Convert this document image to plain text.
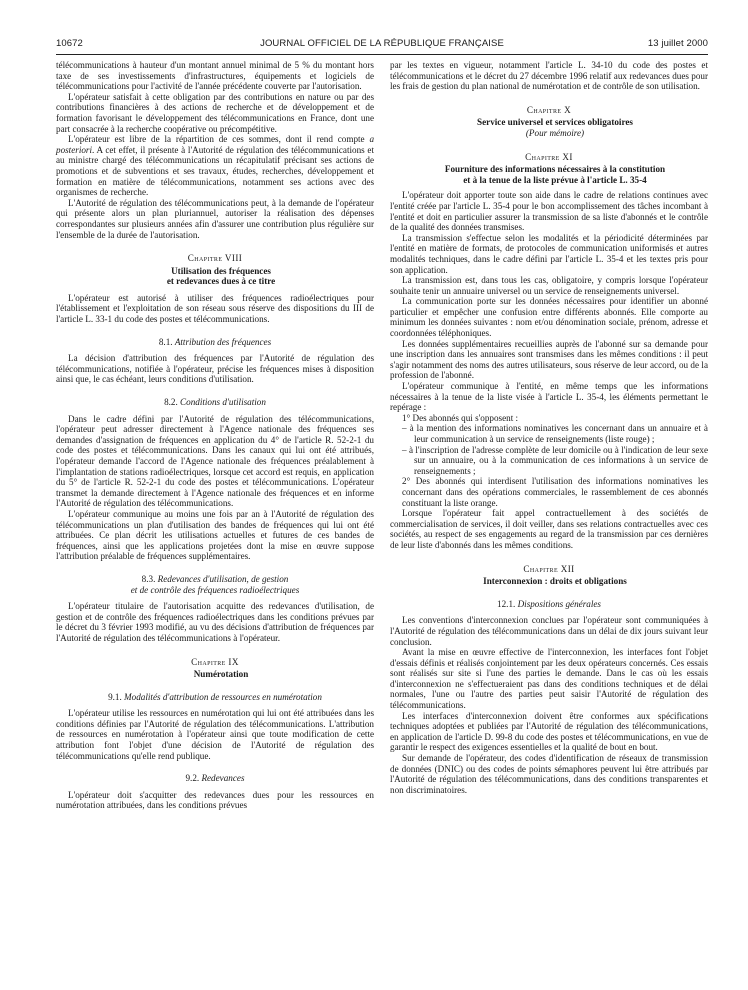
10672	JOURNAL OFFICIEL DE LA RÉPUBLIQUE FRANÇAISE	13 juillet 2000

télécommunications à hauteur d'un montant annuel minimal de 5 % du montant hors taxe de ses investissements d'infrastructures, équipements et logiciels de télécommunications pour l'activité de l'année précédente couverte par l'autorisation.

L'opérateur satisfait à cette obligation par des contributions en nature ou par des contributions financières à des actions de recherche et de développement et de formation favorisant le développement des télécommunications en France, dont une part consacrée à la recherche coopérative ou précompétitive.

L'opérateur est libre de la répartition de ces sommes, dont il rend compte a posteriori. A cet effet, il présente à l'Autorité de régulation des télécommunications et au ministre chargé des télécommunications un récapitulatif précisant ses actions de promotions et de subventions et ses travaux, études, recherches, développement et formation en matière de télécommunications, notamment ses actions avec des organismes de recherche.

L'Autorité de régulation des télécommunications peut, à la demande de l'opérateur qui présente alors un plan pluriannuel, autoriser la réalisation des dépenses correspondantes sur plusieurs années afin d'assurer une contribution plus régulière sur l'ensemble de la durée de l'autorisation.

Chapitre VIII

Utilisation des fréquences

et redevances dues à ce titre

L'opérateur est autorisé à utiliser des fréquences radioélectriques pour l'établissement et l'exploitation de son réseau sous réserve des dispositions du III de l'article L. 33-1 du code des postes et télécommunications.

8.1. Attribution des fréquences

La décision d'attribution des fréquences par l'Autorité de régulation des télécommunications, notifiée à l'opérateur, précise les fréquences mises à disposition ainsi que, le cas échéant, leurs conditions d'utilisation.

8.2. Conditions d'utilisation

Dans le cadre défini par l'Autorité de régulation des télécommunications, l'opérateur peut adresser directement à l'Agence nationale des fréquences ses demandes d'assignation de fréquences en application du 4° de l'article R. 52-2-1 du code des postes et télécommunications. Dans les canaux qui lui ont été attribués, l'opérateur demande l'accord de l'Agence nationale des fréquences préalablement à l'implantation de stations radioélectriques, lorsque cet accord est requis, en application du 5° de l'article R. 52-2-1 du code des postes et télécommunications. L'opérateur transmet la demande directement à l'Agence nationale des fréquences et en informe l'Autorité de régulation des télécommunications.

L'opérateur communique au moins une fois par an à l'Autorité de régulation des télécommunications un plan d'utilisation des bandes de fréquences qui lui ont été attribuées. Ce plan décrit les utilisations actuelles et futures de ces bandes de fréquences, ainsi que les applications projetées dont la mise en œuvre suppose l'attribution préalable de fréquences supplémentaires.

8.3. Redevances d'utilisation, de gestion
et de contrôle des fréquences radioélectriques

L'opérateur titulaire de l'autorisation acquitte des redevances d'utilisation, de gestion et de contrôle des fréquences radioélectriques dans les conditions prévues par le décret du 3 février 1993 modifié, au vu des décisions d'attribution de fréquences par l'Autorité de régulation des télécommunications à l'opérateur.

Chapitre IX

Numérotation

9.1. Modalités d'attribution de ressources en numérotation

L'opérateur utilise les ressources en numérotation qui lui ont été attribuées dans les conditions définies par l'Autorité de régulation des télécommunications. L'attribution de ressources en numérotation à l'opérateur ainsi que toute modification de cette attribution font l'objet d'une décision de l'Autorité de régulation des télécommunications qu'elle rend publique.

9.2. Redevances

L'opérateur doit s'acquitter des redevances dues pour les ressources en numérotation attribuées, dans les conditions prévues

par les textes en vigueur, notamment l'article L. 34-10 du code des postes et télécommunications et le décret du 27 décembre 1996 relatif aux redevances dues pour les frais de gestion du plan national de numérotation et de contrôle de son utilisation.

Chapitre X

Service universel et services obligatoires

(Pour mémoire)

Chapitre XI

Fourniture des informations nécessaires à la constitution

et à la tenue de la liste prévue à l'article L. 35-4

L'opérateur doit apporter toute son aide dans le cadre de relations continues avec l'entité créée par l'article L. 35-4 pour le bon accomplissement des tâches incombant à l'entité et doit en particulier assurer la transmission de sa liste d'abonnés et le contrôle de la qualité des données transmises.

La transmission s'effectue selon les modalités et la périodicité déterminées par l'entité en matière de formats, de protocoles de communication uniformisés et autres modalités techniques, dans le cadre défini par l'article L. 35-4 et les textes pris pour son application.

La transmission est, dans tous les cas, obligatoire, y compris lorsque l'opérateur souhaite tenir un annuaire universel ou un service de renseignements universel.

La communication porte sur les données nécessaires pour identifier un abonné particulier et empêcher une confusion entre différents abonnés. Elle comporte au minimum les données suivantes : nom et/ou dénomination sociale, prénom, adresse et coordonnées téléphoniques.

Les données supplémentaires recueillies auprès de l'abonné sur sa demande pour une inscription dans les annuaires sont transmises dans les mêmes conditions : il peut s'agir notamment des noms des autres utilisateurs, sous réserve de leur accord, ou de la profession de l'abonné.

L'opérateur communique à l'entité, en même temps que les informations nécessaires à la tenue de la liste visée à l'article L. 35-4, les éléments permettant le repérage :

1° Des abonnés qui s'opposent :

– à la mention des informations nominatives les concernant dans un annuaire et à leur communication à un service de renseignements (liste rouge) ;

– à l'inscription de l'adresse complète de leur domicile ou à l'indication de leur sexe sur un annuaire, ou à la communication de ces informations à un service de renseignements ;

2° Des abonnés qui interdisent l'utilisation des informations nominatives les concernant dans des opérations commerciales, le rassemblement de ces abonnés constituant la liste orange.

Lorsque l'opérateur fait appel contractuellement à des sociétés de commercialisation de services, il doit veiller, dans ses relations contractuelles avec ces sociétés, au respect de ses engagements au regard de la transmission par ces dernières de leur liste d'abonnés dans les mêmes conditions.

Chapitre XII

Interconnexion : droits et obligations

12.1. Dispositions générales

Les conventions d'interconnexion conclues par l'opérateur sont communiquées à l'Autorité de régulation des télécommunications dans un délai de dix jours suivant leur conclusion.

Avant la mise en œuvre effective de l'interconnexion, les interfaces font l'objet d'essais définis et réalisés conjointement par les deux opérateurs concernés. Ces essais sont réalisés sur site si l'une des parties le demande. Dans le cas où les essais d'interconnexion ne s'effectueraient pas dans des conditions techniques et de délai normales, l'une ou l'autre des parties peut saisir l'Autorité de régulation des télécommunications.

Les interfaces d'interconnexion doivent être conformes aux spécifications techniques adoptées et publiées par l'Autorité de régulation des télécommunications, en application de l'article D. 99-8 du code des postes et télécommunications, en vue de garantir le respect des exigences essentielles et la qualité de bout en bout.

Sur demande de l'opérateur, des codes d'identification de réseaux de transmission de données (DNIC) ou des codes de points sémaphores peuvent lui être attribués par l'Autorité de régulation des télécommunications, dans des conditions transparentes et non discriminatoires.
